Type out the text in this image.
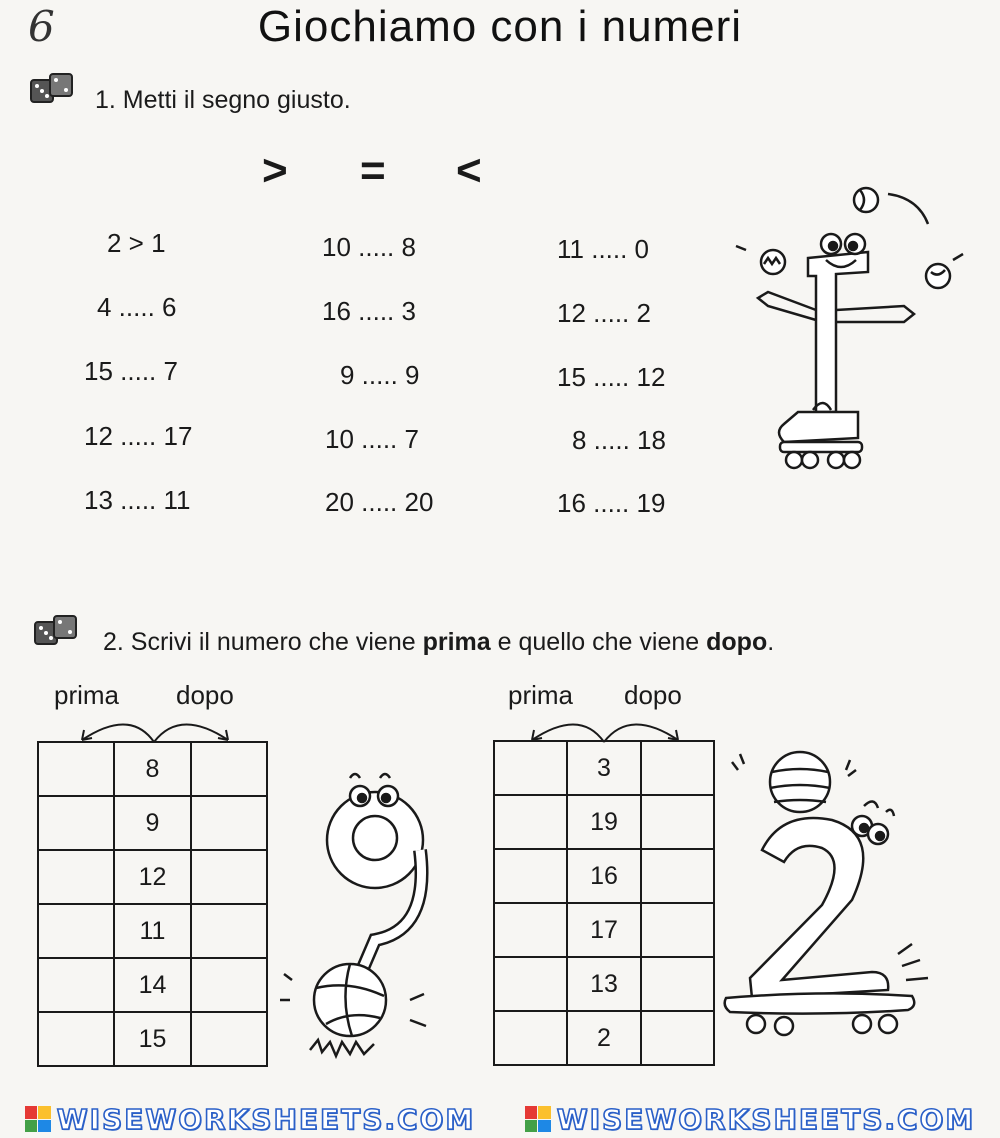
6	Giochiamo con i numeri
1. Metti il segno giusto.
> = <
2 > 1	10 ..... 8	11 ..... 0
4 ..... 6	16 ..... 3	12 ..... 2
15 ..... 7	9 ..... 9	15 ..... 12
12 ..... 17	10 ..... 7	8 ..... 18
13 ..... 11	20 ..... 20	16 ..... 19
2. Scrivi il numero che viene prima e quello che viene dopo.
prima dopo
	8	
	9	
	12	
	11	
	14	
	15	
prima dopo
	3	
	19	
	16	
	17	
	13	
	2	
WISEWORKSHEETS.COM	WISEWORKSHEETS.COM
